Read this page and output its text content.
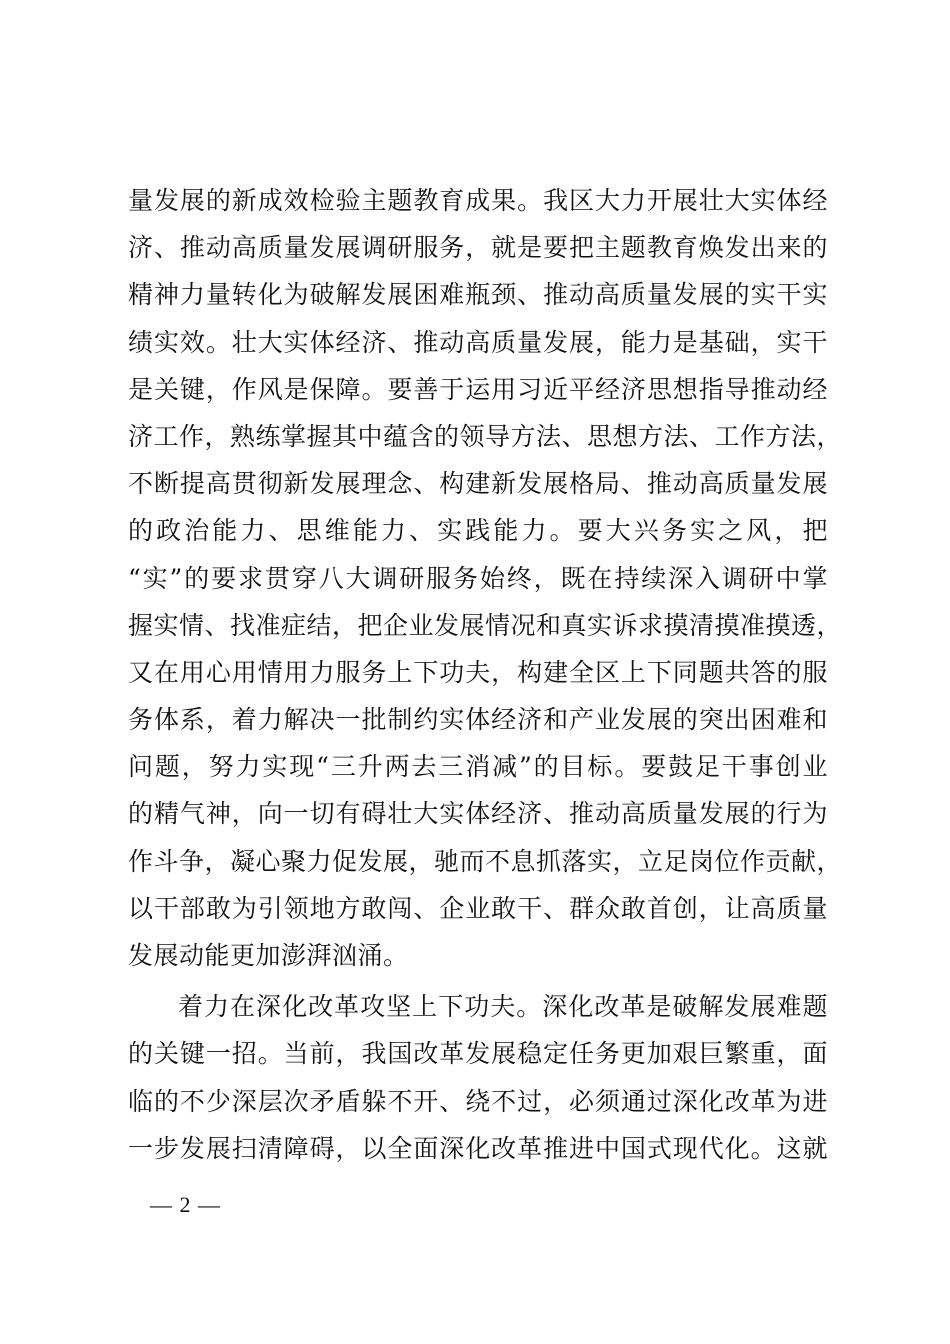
量发展的新成效检验主题教育成果。我区大力开展壮大实体经
济、推动高质量发展调研服务，就是要把主题教育焕发出来的
精神力量转化为破解发展困难瓶颈、推动高质量发展的实干实
绩实效。壮大实体经济、推动高质量发展，能力是基础，实干
是关键，作风是保障。要善于运用习近平经济思想指导推动经
济工作，熟练掌握其中蕴含的领导方法、思想方法、工作方法，
不断提高贯彻新发展理念、构建新发展格局、推动高质量发展
的政治能力、思维能力、实践能力。要大兴务实之风，把
“实”的要求贯穿八大调研服务始终，既在持续深入调研中掌
握实情、找准症结，把企业发展情况和真实诉求摸清摸准摸透，
又在用心用情用力服务上下功夫，构建全区上下同题共答的服
务体系，着力解决一批制约实体经济和产业发展的突出困难和
问题，努力实现“三升两去三消减”的目标。要鼓足干事创业
的精气神，向一切有碍壮大实体经济、推动高质量发展的行为
作斗争，凝心聚力促发展，驰而不息抓落实，立足岗位作贡献，
以干部敢为引领地方敢闯、企业敢干、群众敢首创，让高质量
发展动能更加澎湃汹涌。
着力在深化改革攻坚上下功夫。深化改革是破解发展难题
的关键一招。当前，我国改革发展稳定任务更加艰巨繁重，面
临的不少深层次矛盾躲不开、绕不过，必须通过深化改革为进
一步发展扫清障碍，以全面深化改革推进中国式现代化。这就
— 2 —
